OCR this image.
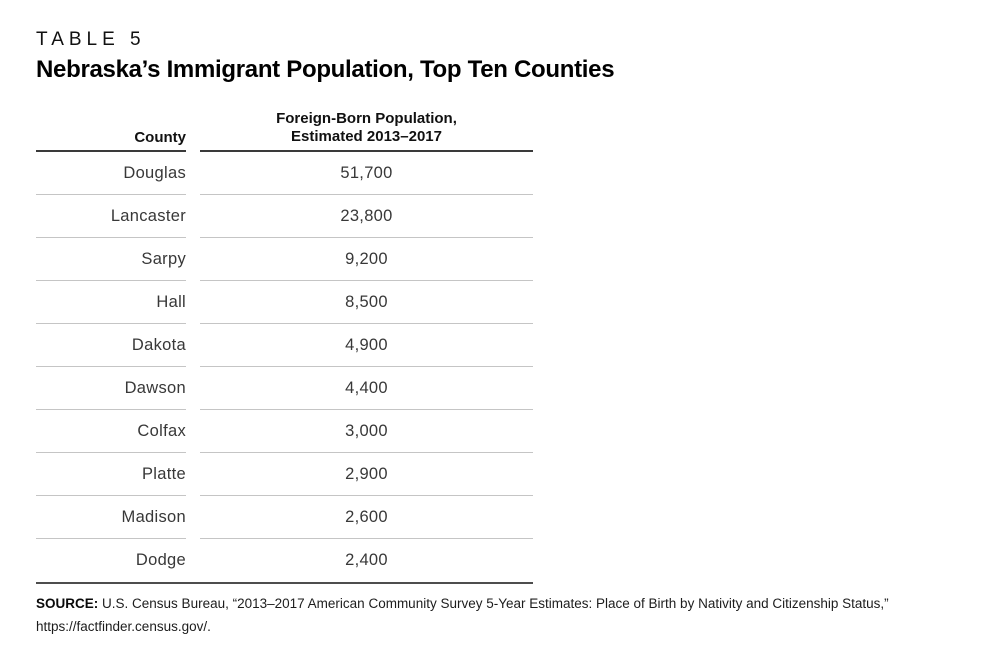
TABLE 5
Nebraska’s Immigrant Population, Top Ten Counties
County
Foreign-Born Population,
Estimated 2013–2017
Douglas	51,700
Lancaster	23,800
Sarpy	9,200
Hall	8,500
Dakota	4,900
Dawson	4,400
Colfax	3,000
Platte	2,900
Madison	2,600
Dodge	2,400

SOURCE: U.S. Census Bureau, “2013–2017 American Community Survey 5-Year Estimates: Place of Birth by Nativity and Citizenship Status,” https://factfinder.census.gov/.
